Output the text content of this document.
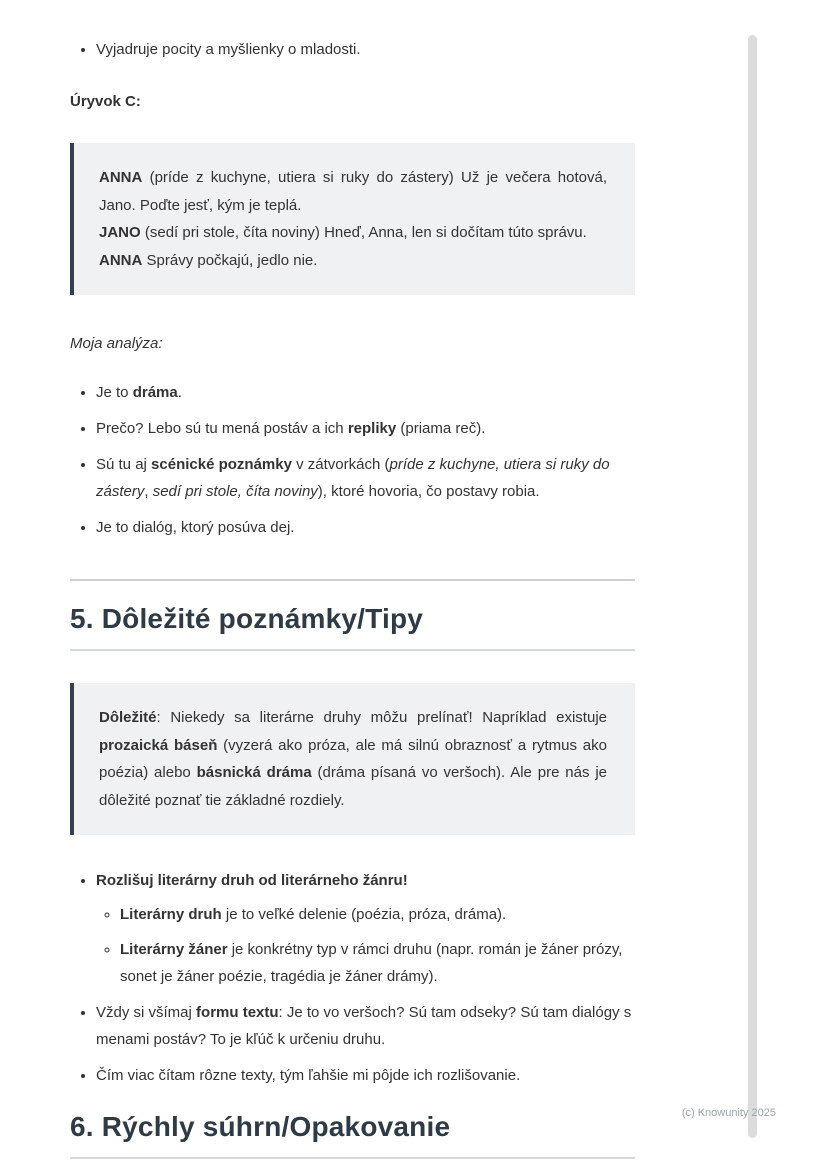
• Vyjadruje pocity a myšlienky o mladosti.

Úryvok C:

ANNA (príde z kuchyne, utiera si ruky do zástery) Už je večera hotová, Jano. Poďte jesť, kým je teplá.

JANO (sedí pri stole, číta noviny) Hneď, Anna, len si dočítam túto správu.

ANNA Správy počkajú, jedlo nie.

Moja analýza:

• Je to dráma.
• Prečo? Lebo sú tu mená postáv a ich repliky (priama reč).
• Sú tu aj scénické poznámky v zátvorkách (príde z kuchyne, utiera si ruky do zástery, sedí pri stole, číta noviny), ktoré hovoria, čo postavy robia.
• Je to dialóg, ktorý posúva dej.
5. Dôležité poznámky/Tipy

Dôležité: Niekedy sa literárne druhy môžu prelínať! Napríklad existuje prozaická báseň (vyzerá ako próza, ale má silnú obraznosť a rytmus ako poézia) alebo básnická dráma (dráma písaná vo veršoch). Ale pre nás je dôležité poznať tie základné rozdiely.

• Rozlišuj literárny druh od literárneho žánru!
◦ Literárny druh je to veľké delenie (poézia, próza, dráma).
◦ Literárny žáner je konkrétny typ v rámci druhu (napr. román je žáner prózy, sonet je žáner poézie, tragédia je žáner drámy).
• Vždy si všímaj formu textu: Je to vo veršoch? Sú tam odseky? Sú tam dialógy s menami postáv? To je kľúč k určeniu druhu.
• Čím viac čítam rôzne texty, tým ľahšie mi pôjde ich rozlišovanie.
6. Rýchly súhrn/Opakovanie	(c) Knowunity 2025
